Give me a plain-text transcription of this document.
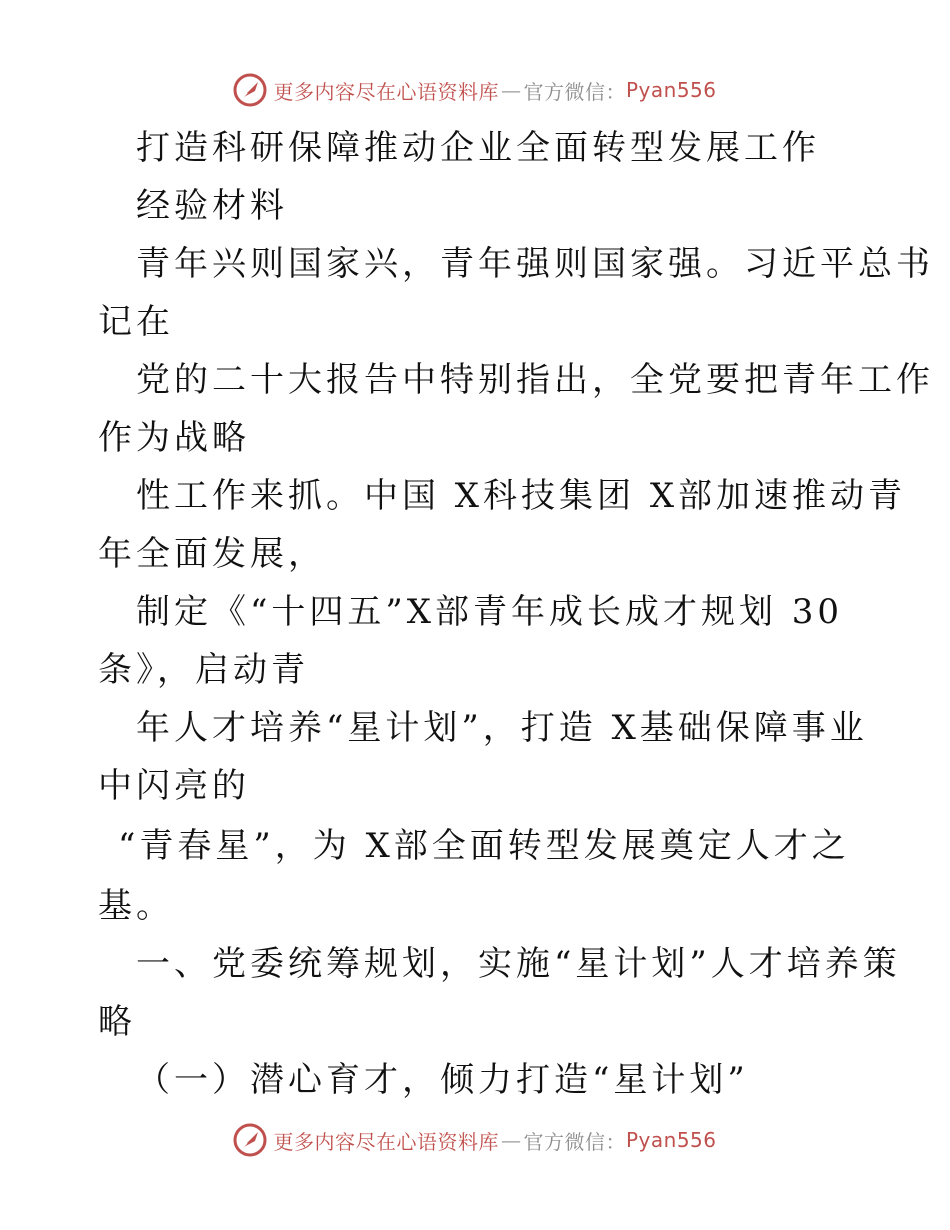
更多内容尽在心语资料库 — 官方微信： Pyan556
打造科研保障推动企业全面转型发展工作
经验材料
青年兴则国家兴，青年强则国家强。习近平总书
记在
党的二十大报告中特别指出，全党要把青年工作
作为战略
性工作来抓。中国 X科技集团 X部加速推动青
年全面发展，
制定《“十四五”X部青年成长成才规划 30
条》，启动青
年人才培养“星计划”，打造 X基础保障事业
中闪亮的
“青春星”，为 X部全面转型发展奠定人才之
基。
一、党委统筹规划，实施“星计划”人才培养策
略
（一）潜心育才，倾力打造“星计划”
更多内容尽在心语资料库 — 官方微信： Pyan556
